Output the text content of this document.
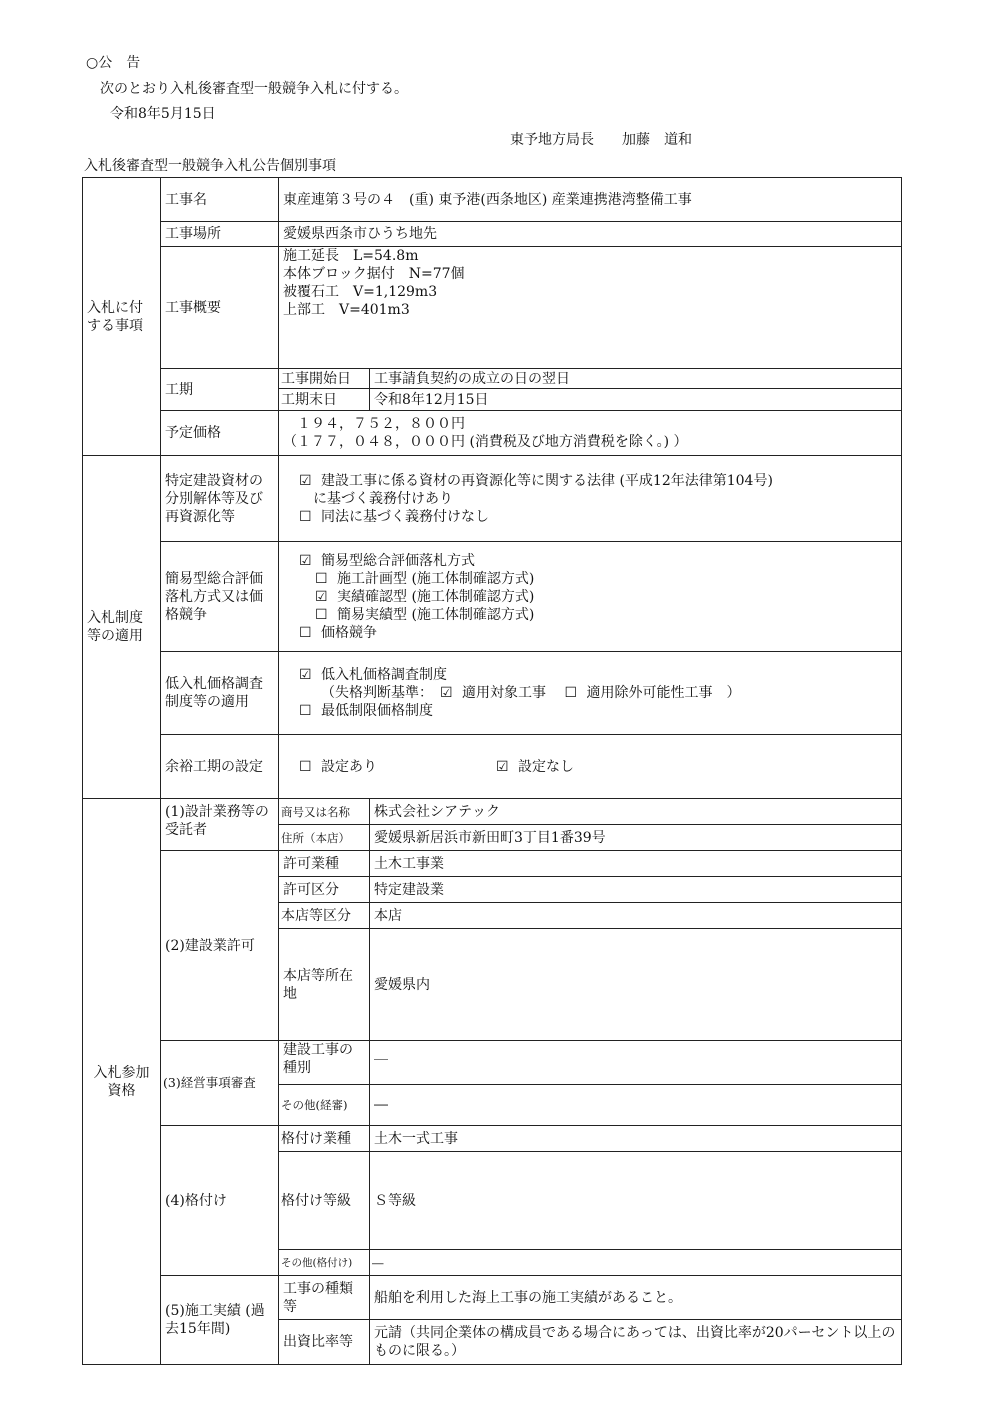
○公　告
次のとおり入札後審査型一般競争入札に付する。
令和8年5月15日
東予地方局長　　加藤　道和
入札後審査型一般競争入札公告個別事項
入札に付する事項	工事名	東産連第３号の４　(重) 東予港(西条地区) 産業連携港湾整備工事	
	工事場所	愛媛県西条市ひうち地先	
	工事概要	施工延長　L=54.8m
本体ブロック据付　N=77個
被覆石工　V=1,129m3
上部工　V=401m3	

	工期	工事開始日	工事請負契約の成立の日の翌日
		工期末日	令和8年12月15日
	予定価格	１９４，７５２，８００円
（１７７，０４８，０００円 (消費税及び地方消費税を除く。) ）	

入札制度等の適用	特定建設資材の分別解体等及び再資源化等	☑ 建設工事に係る資材の再資源化等に関する法律 (平成12年法律第104号)
に基づく義務付けあり
☐ 同法に基づく義務付けなし	

	簡易型総合評価落札方式又は価格競争	☑ 簡易型総合評価落札方式
☐ 施工計画型 (施工体制確認方式)
☑ 実績確認型 (施工体制確認方式)
☐ 簡易実績型 (施工体制確認方式)
☐ 価格競争	

	低入札価格調査制度等の適用	☑ 低入札価格調査制度
（失格判断基準：　 ☑ 適用対象工事　 ☐ 適用除外可能性工事　）
☐ 最低制限価格制度	

	余裕工期の設定	☐ 設定あり ☑ 設定なし	
入札参加資格	(1)設計業務等の受託者	商号又は名称	株式会社シアテック
		住所（本店）	愛媛県新居浜市新田町3丁目1番39号
	(2)建設業許可	許可業種	土木工事業
		許可区分	特定建設業
		本店等区分	本店
		本店等所在地	愛媛県内
	(3)経営事項審査	建設工事の種別	＿
		その他(経審)	―
	(4)格付け	格付け業種	土木一式工事
		格付け等級	Ｓ等級
		その他(格付け)	―
	(5)施工実績 (過去15年間)	工事の種類等	船舶を利用した海上工事の施工実績があること。
		出資比率等	元請（共同企業体の構成員である場合にあっては、出資比率が20パーセント以上のものに限る。）
